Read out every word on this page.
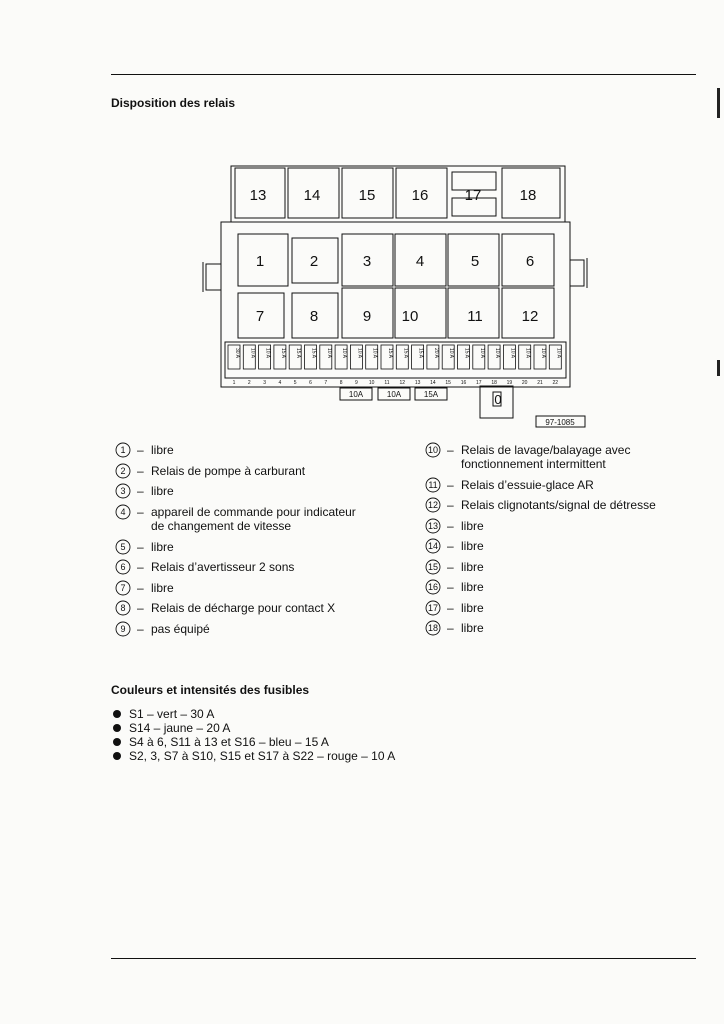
Disposition des relais
13 14	15 16 17	18
1	2	3	4	5	6
7	8	9 10	11	12
30 A
1
10 A
2
10 A
3
15 A
4
15 A
5
15 A
6
10 A
7
10 A
8
10 A
9
10 A
10
15 A
11
15 A
12
15 A
13
20 A
14
10 A
15
15 A
16
10 A
17
10 A
18
10 A
19
10 A
20
10 A
21
10 A
22
10A	10A	15A	0
97-1085
1 – libre
2 – Relais de pompe à carburant
3 – libre
4 – appareil de commande pour indicateur
de changement de vitesse
5 – libre
6 – Relais d’avertisseur 2 sons
7 – libre
8 – Relais de décharge pour contact X
9 – pas équipé
10 – Relais de lavage/balayage avec
fonctionnement intermittent
11 – Relais d’essuie-glace AR
12 – Relais clignotants/signal de détresse
13 – libre
14 – libre
15 – libre
16 – libre
17 – libre
18 – libre
Couleurs et intensités des fusibles
S1 – vert – 30 A
S14 – jaune – 20 A
S4 à 6, S11 à 13 et S16 – bleu – 15 A
S2, 3, S7 à S10, S15 et S17 à S22 – rouge – 10 A
